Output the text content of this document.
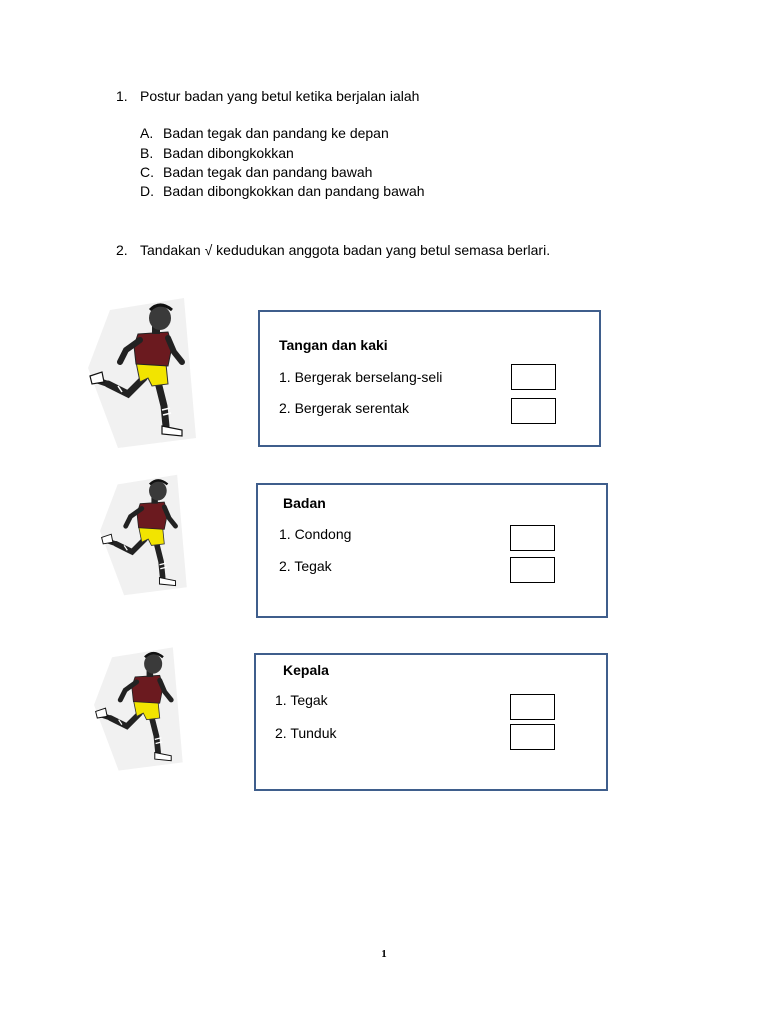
1. Postur badan yang betul ketika berjalan ialah
A. Badan tegak dan pandang ke depan
B. Badan dibongkokkan
C. Badan tegak dan pandang bawah
D. Badan dibongkokkan dan pandang bawah
2. Tandakan √ kedudukan anggota badan yang betul semasa berlari.
Tangan dan kaki
1. Bergerak berselang-seli
2. Bergerak serentak
Badan
1. Condong
2. Tegak
Kepala
1. Tegak
2. Tunduk
1
